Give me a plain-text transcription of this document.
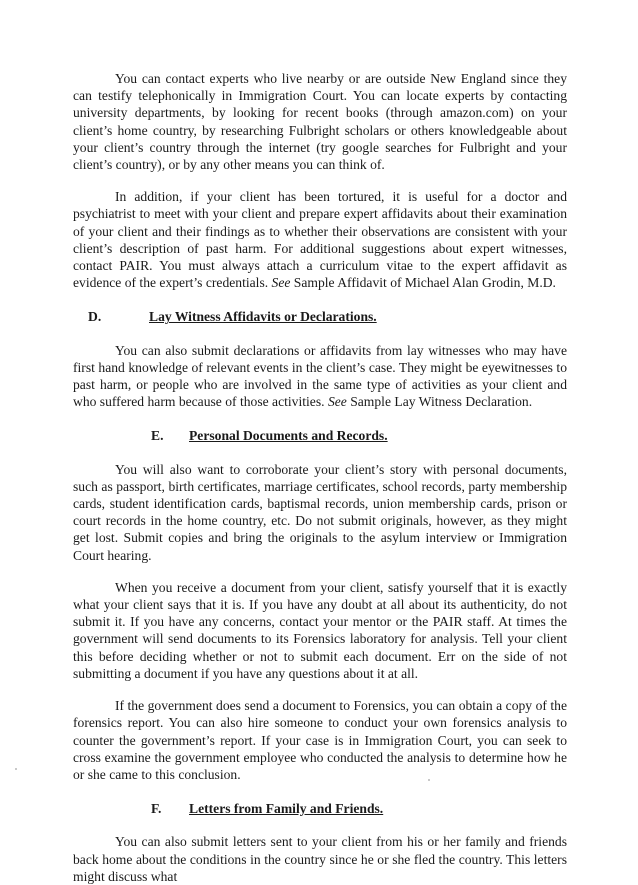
You can contact experts who live nearby or are outside New England since they can testify telephonically in Immigration Court. You can locate experts by contacting university departments, by looking for recent books (through amazon.com) on your client’s home country, by researching Fulbright scholars or others knowledgeable about your client’s country through the internet (try google searches for Fulbright and your client’s country), or by any other means you can think of.

In addition, if your client has been tortured, it is useful for a doctor and psychiatrist to meet with your client and prepare expert affidavits about their examination of your client and their findings as to whether their observations are consistent with your client’s description of past harm. For additional suggestions about expert witnesses, contact PAIR. You must always attach a curriculum vitae to the expert affidavit as evidence of the expert’s credentials. See Sample Affidavit of Michael Alan Grodin, M.D.

D.	Lay Witness Affidavits or Declarations.

You can also submit declarations or affidavits from lay witnesses who may have first hand knowledge of relevant events in the client’s case. They might be eyewitnesses to past harm, or people who are involved in the same type of activities as your client and who suffered harm because of those activities. See Sample Lay Witness Declaration.

E.	Personal Documents and Records.

You will also want to corroborate your client’s story with personal documents, such as passport, birth certificates, marriage certificates, school records, party membership cards, student identification cards, baptismal records, union membership cards, prison or court records in the home country, etc. Do not submit originals, however, as they might get lost. Submit copies and bring the originals to the asylum interview or Immigration Court hearing.

When you receive a document from your client, satisfy yourself that it is exactly what your client says that it is. If you have any doubt at all about its authenticity, do not submit it. If you have any concerns, contact your mentor or the PAIR staff. At times the government will send documents to its Forensics laboratory for analysis. Tell your client this before deciding whether or not to submit each document. Err on the side of not submitting a document if you have any questions about it at all.

If the government does send a document to Forensics, you can obtain a copy of the forensics report. You can also hire someone to conduct your own forensics analysis to counter the government’s report. If your case is in Immigration Court, you can seek to cross examine the government employee who conducted the analysis to determine how he or she came to this conclusion.

F.	Letters from Family and Friends.

You can also submit letters sent to your client from his or her family and friends back home about the conditions in the country since he or she fled the country. This letters might discuss what
